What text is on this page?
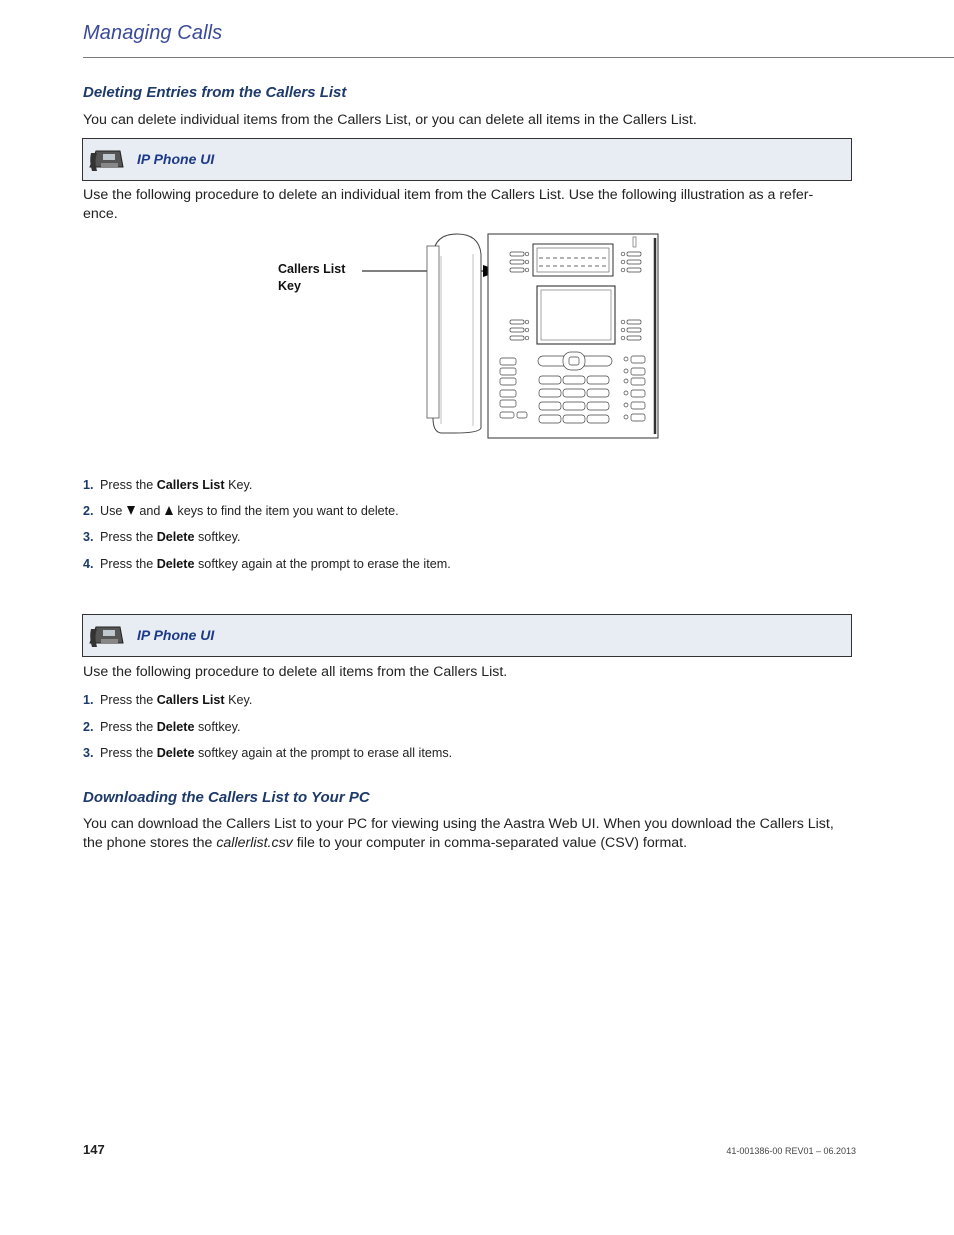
Managing Calls
Deleting Entries from the Callers List
You can delete individual items from the Callers List, or you can delete all items in the Callers List.
IP Phone UI
Use the following procedure to delete an individual item from the Callers List. Use the following illustration as a refer-
ence.
Callers List
Key
1. Press the Callers List Key.
2. Use  and  keys to find the item you want to delete.
3. Press the Delete softkey.
4. Press the Delete softkey again at the prompt to erase the item.
IP Phone UI
Use the following procedure to delete all items from the Callers List.
1. Press the Callers List Key.
2. Press the Delete softkey.
3. Press the Delete softkey again at the prompt to erase all items.
Downloading the Callers List to Your PC
You can download the Callers List to your PC for viewing using the Aastra Web UI. When you download the Callers List,
the phone stores the callerlist.csv file to your computer in comma-separated value (CSV) format.
147	41-001386-00 REV01 – 06.2013
